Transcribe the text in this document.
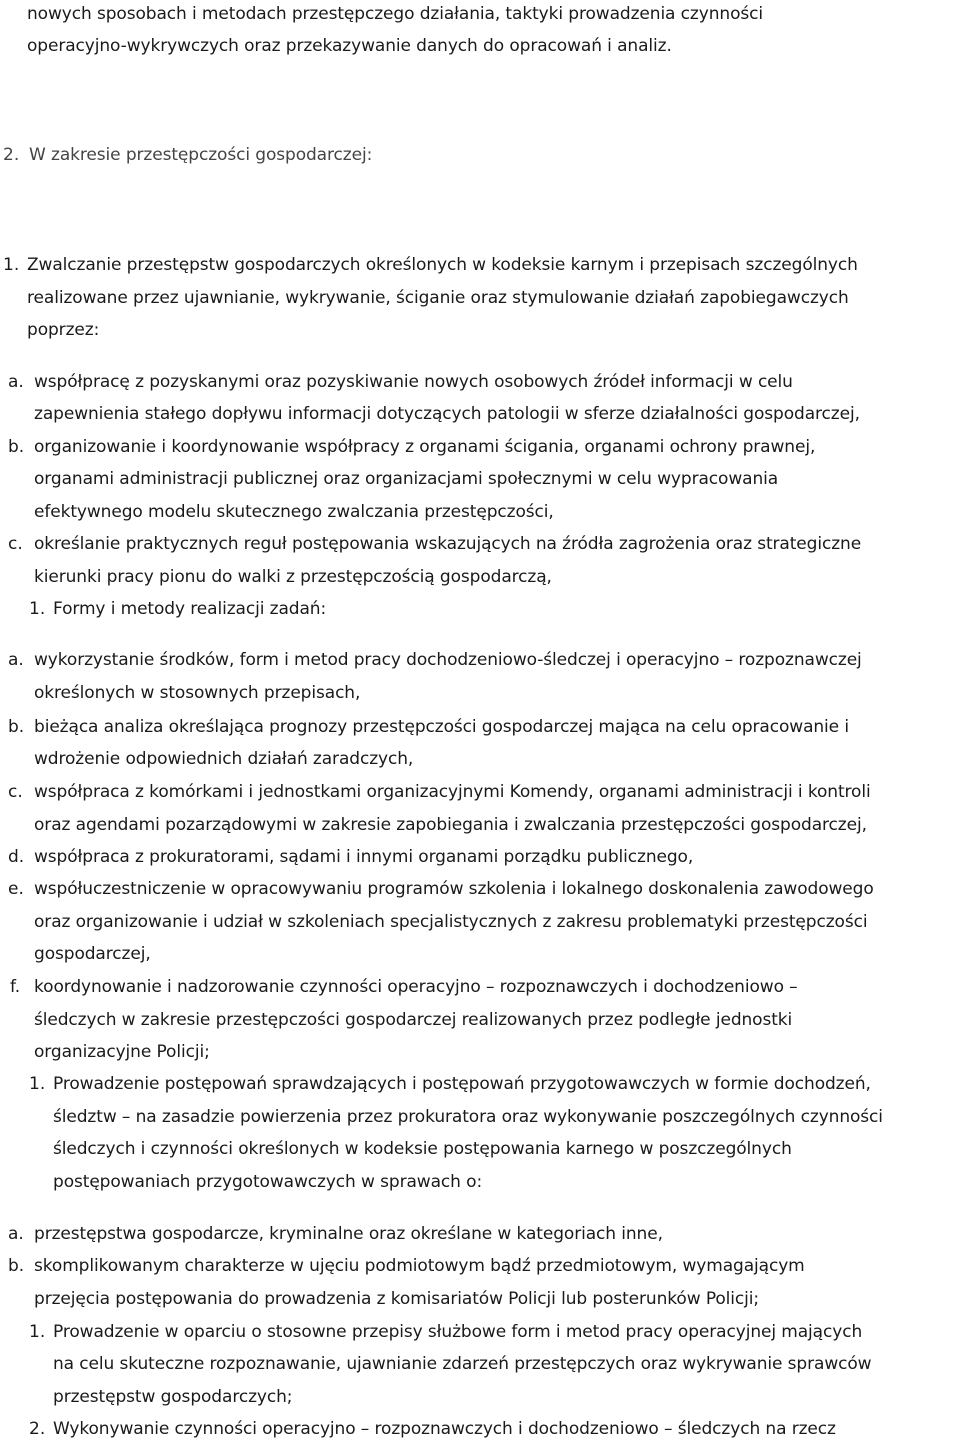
nowych sposobach i metodach przestępczego działania, taktyki prowadzenia czynności
operacyjno-wykrywczych oraz przekazywanie danych do opracowań i analiz.
2. W zakresie przestępczości gospodarczej:
1. Zwalczanie przestępstw gospodarczych określonych w kodeksie karnym i przepisach szczególnych
realizowane przez ujawnianie, wykrywanie, ściganie oraz stymulowanie działań zapobiegawczych
poprzez:
a. współpracę z pozyskanymi oraz pozyskiwanie nowych osobowych źródeł informacji w celu
zapewnienia stałego dopływu informacji dotyczących patologii w sferze działalności gospodarczej,
b. organizowanie i koordynowanie współpracy z organami ścigania, organami ochrony prawnej,
organami administracji publicznej oraz organizacjami społecznymi w celu wypracowania
efektywnego modelu skutecznego zwalczania przestępczości,
c. określanie praktycznych reguł postępowania wskazujących na źródła zagrożenia oraz strategiczne
kierunki pracy pionu do walki z przestępczością gospodarczą,
1. Formy i metody realizacji zadań:
a. wykorzystanie środków, form i metod pracy dochodzeniowo-śledczej i operacyjno – rozpoznawczej
określonych w stosownych przepisach,
b. bieżąca analiza określająca prognozy przestępczości gospodarczej mająca na celu opracowanie i
wdrożenie odpowiednich działań zaradczych,
c. współpraca z komórkami i jednostkami organizacyjnymi Komendy, organami administracji i kontroli
oraz agendami pozarządowymi w zakresie zapobiegania i zwalczania przestępczości gospodarczej,
d. współpraca z prokuratorami, sądami i innymi organami porządku publicznego,
e. współuczestniczenie w opracowywaniu programów szkolenia i lokalnego doskonalenia zawodowego
oraz organizowanie i udział w szkoleniach specjalistycznych z zakresu problematyki przestępczości
gospodarczej,
f. koordynowanie i nadzorowanie czynności operacyjno – rozpoznawczych i dochodzeniowo –
śledczych w zakresie przestępczości gospodarczej realizowanych przez podległe jednostki
organizacyjne Policji;
1. Prowadzenie postępowań sprawdzających i postępowań przygotowawczych w formie dochodzeń,
śledztw – na zasadzie powierzenia przez prokuratora oraz wykonywanie poszczególnych czynności
śledczych i czynności określonych w kodeksie postępowania karnego w poszczególnych
postępowaniach przygotowawczych w sprawach o:
a. przestępstwa gospodarcze, kryminalne oraz określane w kategoriach inne,
b. skomplikowanym charakterze w ujęciu podmiotowym bądź przedmiotowym, wymagającym
przejęcia postępowania do prowadzenia z komisariatów Policji lub posterunków Policji;
1. Prowadzenie w oparciu o stosowne przepisy służbowe form i metod pracy operacyjnej mających
na celu skuteczne rozpoznawanie, ujawnianie zdarzeń przestępczych oraz wykrywanie sprawców
przestępstw gospodarczych;
2. Wykonywanie czynności operacyjno – rozpoznawczych i dochodzeniowo – śledczych na rzecz
